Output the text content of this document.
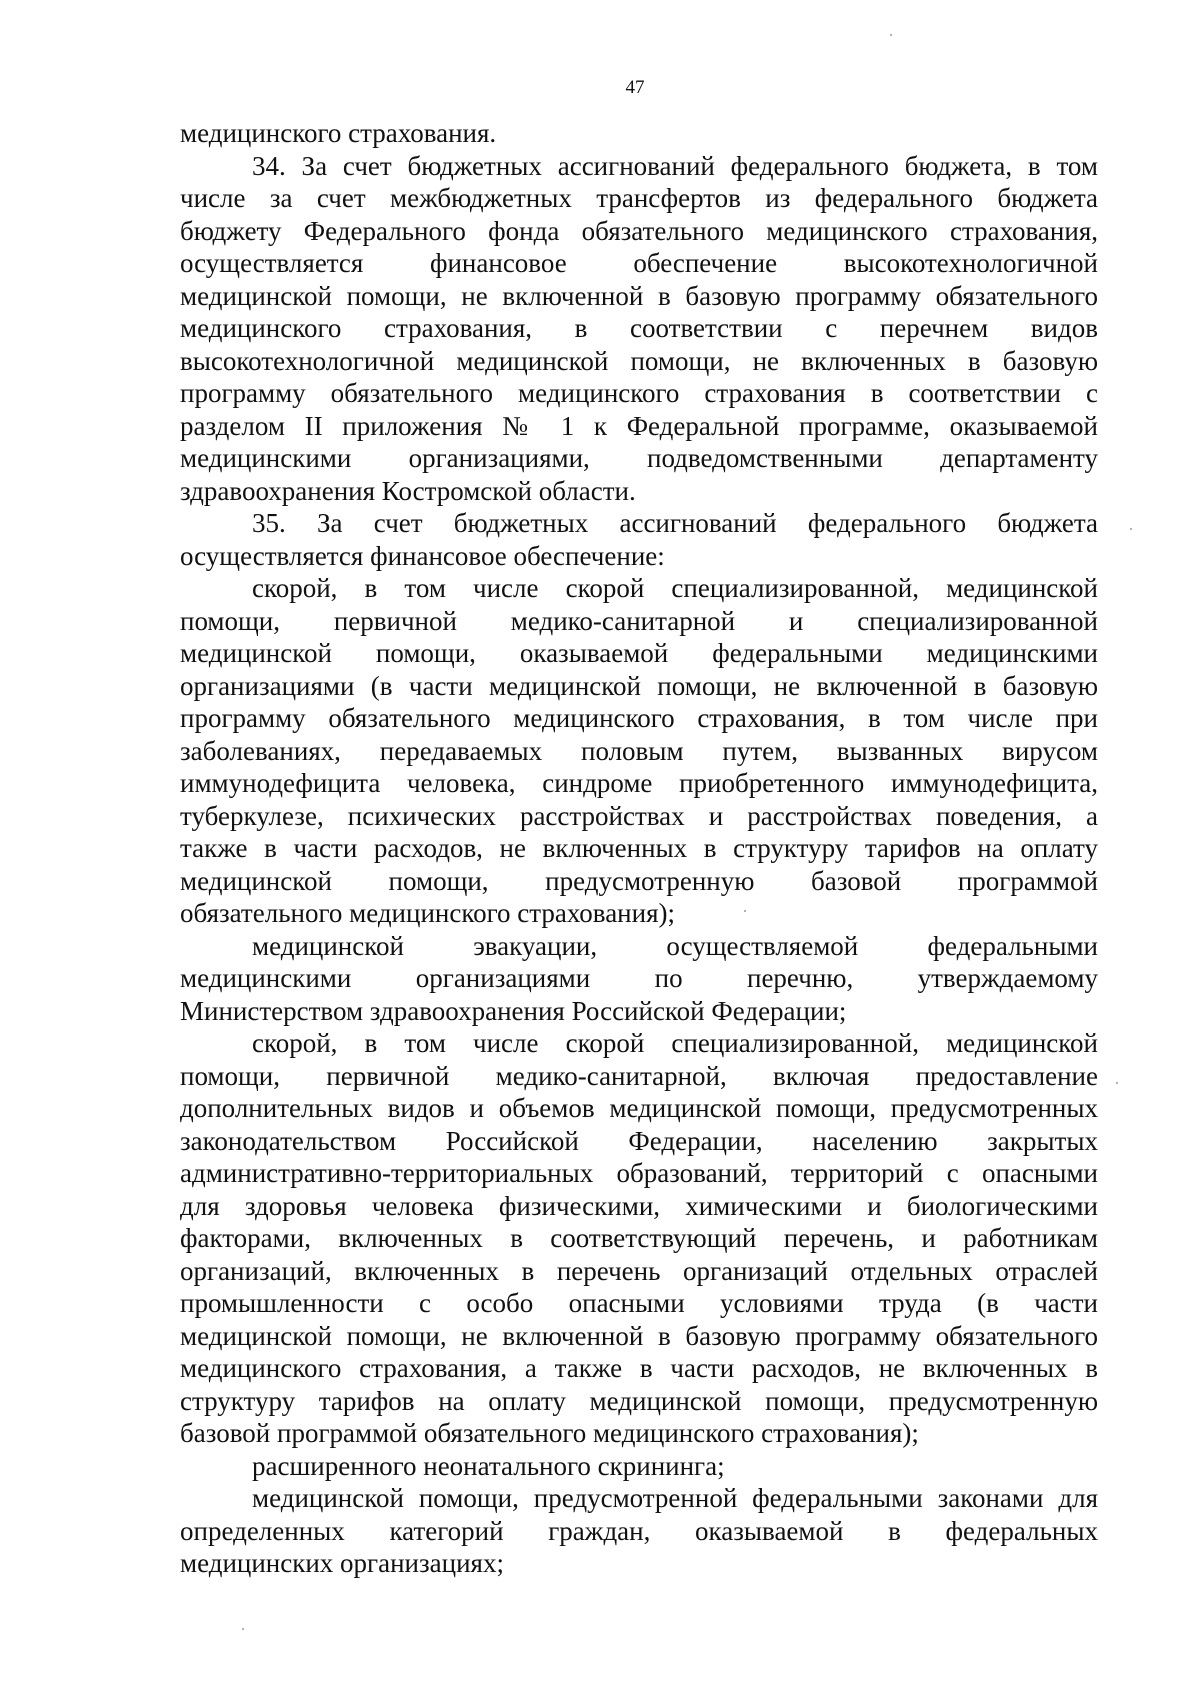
47
медицинского страхования.
34. За счет бюджетных ассигнований федерального бюджета, в том
числе за счет межбюджетных трансфертов из федерального бюджета
бюджету Федерального фонда обязательного медицинского страхования,
осуществляется финансовое обеспечение высокотехнологичной
медицинской помощи, не включенной в базовую программу обязательного
медицинского страхования, в соответствии с перечнем видов
высокотехнологичной медицинской помощи, не включенных в базовую
программу обязательного медицинского страхования в соответствии с
разделом II приложения № 1 к Федеральной программе, оказываемой
медицинскими организациями, подведомственными департаменту
здравоохранения Костромской области.
35. За счет бюджетных ассигнований федерального бюджета
осуществляется финансовое обеспечение:
скорой, в том числе скорой специализированной, медицинской
помощи, первичной медико-санитарной и специализированной
медицинской помощи, оказываемой федеральными медицинскими
организациями (в части медицинской помощи, не включенной в базовую
программу обязательного медицинского страхования, в том числе при
заболеваниях, передаваемых половым путем, вызванных вирусом
иммунодефицита человека, синдроме приобретенного иммунодефицита,
туберкулезе, психических расстройствах и расстройствах поведения, а
также в части расходов, не включенных в структуру тарифов на оплату
медицинской помощи, предусмотренную базовой программой
обязательного медицинского страхования);
медицинской эвакуации, осуществляемой федеральными
медицинскими организациями по перечню, утверждаемому
Министерством здравоохранения Российской Федерации;
скорой, в том числе скорой специализированной, медицинской
помощи, первичной медико-санитарной, включая предоставление
дополнительных видов и объемов медицинской помощи, предусмотренных
законодательством Российской Федерации, населению закрытых
административно-территориальных образований, территорий с опасными
для здоровья человека физическими, химическими и биологическими
факторами, включенных в соответствующий перечень, и работникам
организаций, включенных в перечень организаций отдельных отраслей
промышленности с особо опасными условиями труда (в части
медицинской помощи, не включенной в базовую программу обязательного
медицинского страхования, а также в части расходов, не включенных в
структуру тарифов на оплату медицинской помощи, предусмотренную
базовой программой обязательного медицинского страхования);
расширенного неонатального скрининга;
медицинской помощи, предусмотренной федеральными законами для
определенных категорий граждан, оказываемой в федеральных
медицинских организациях;
